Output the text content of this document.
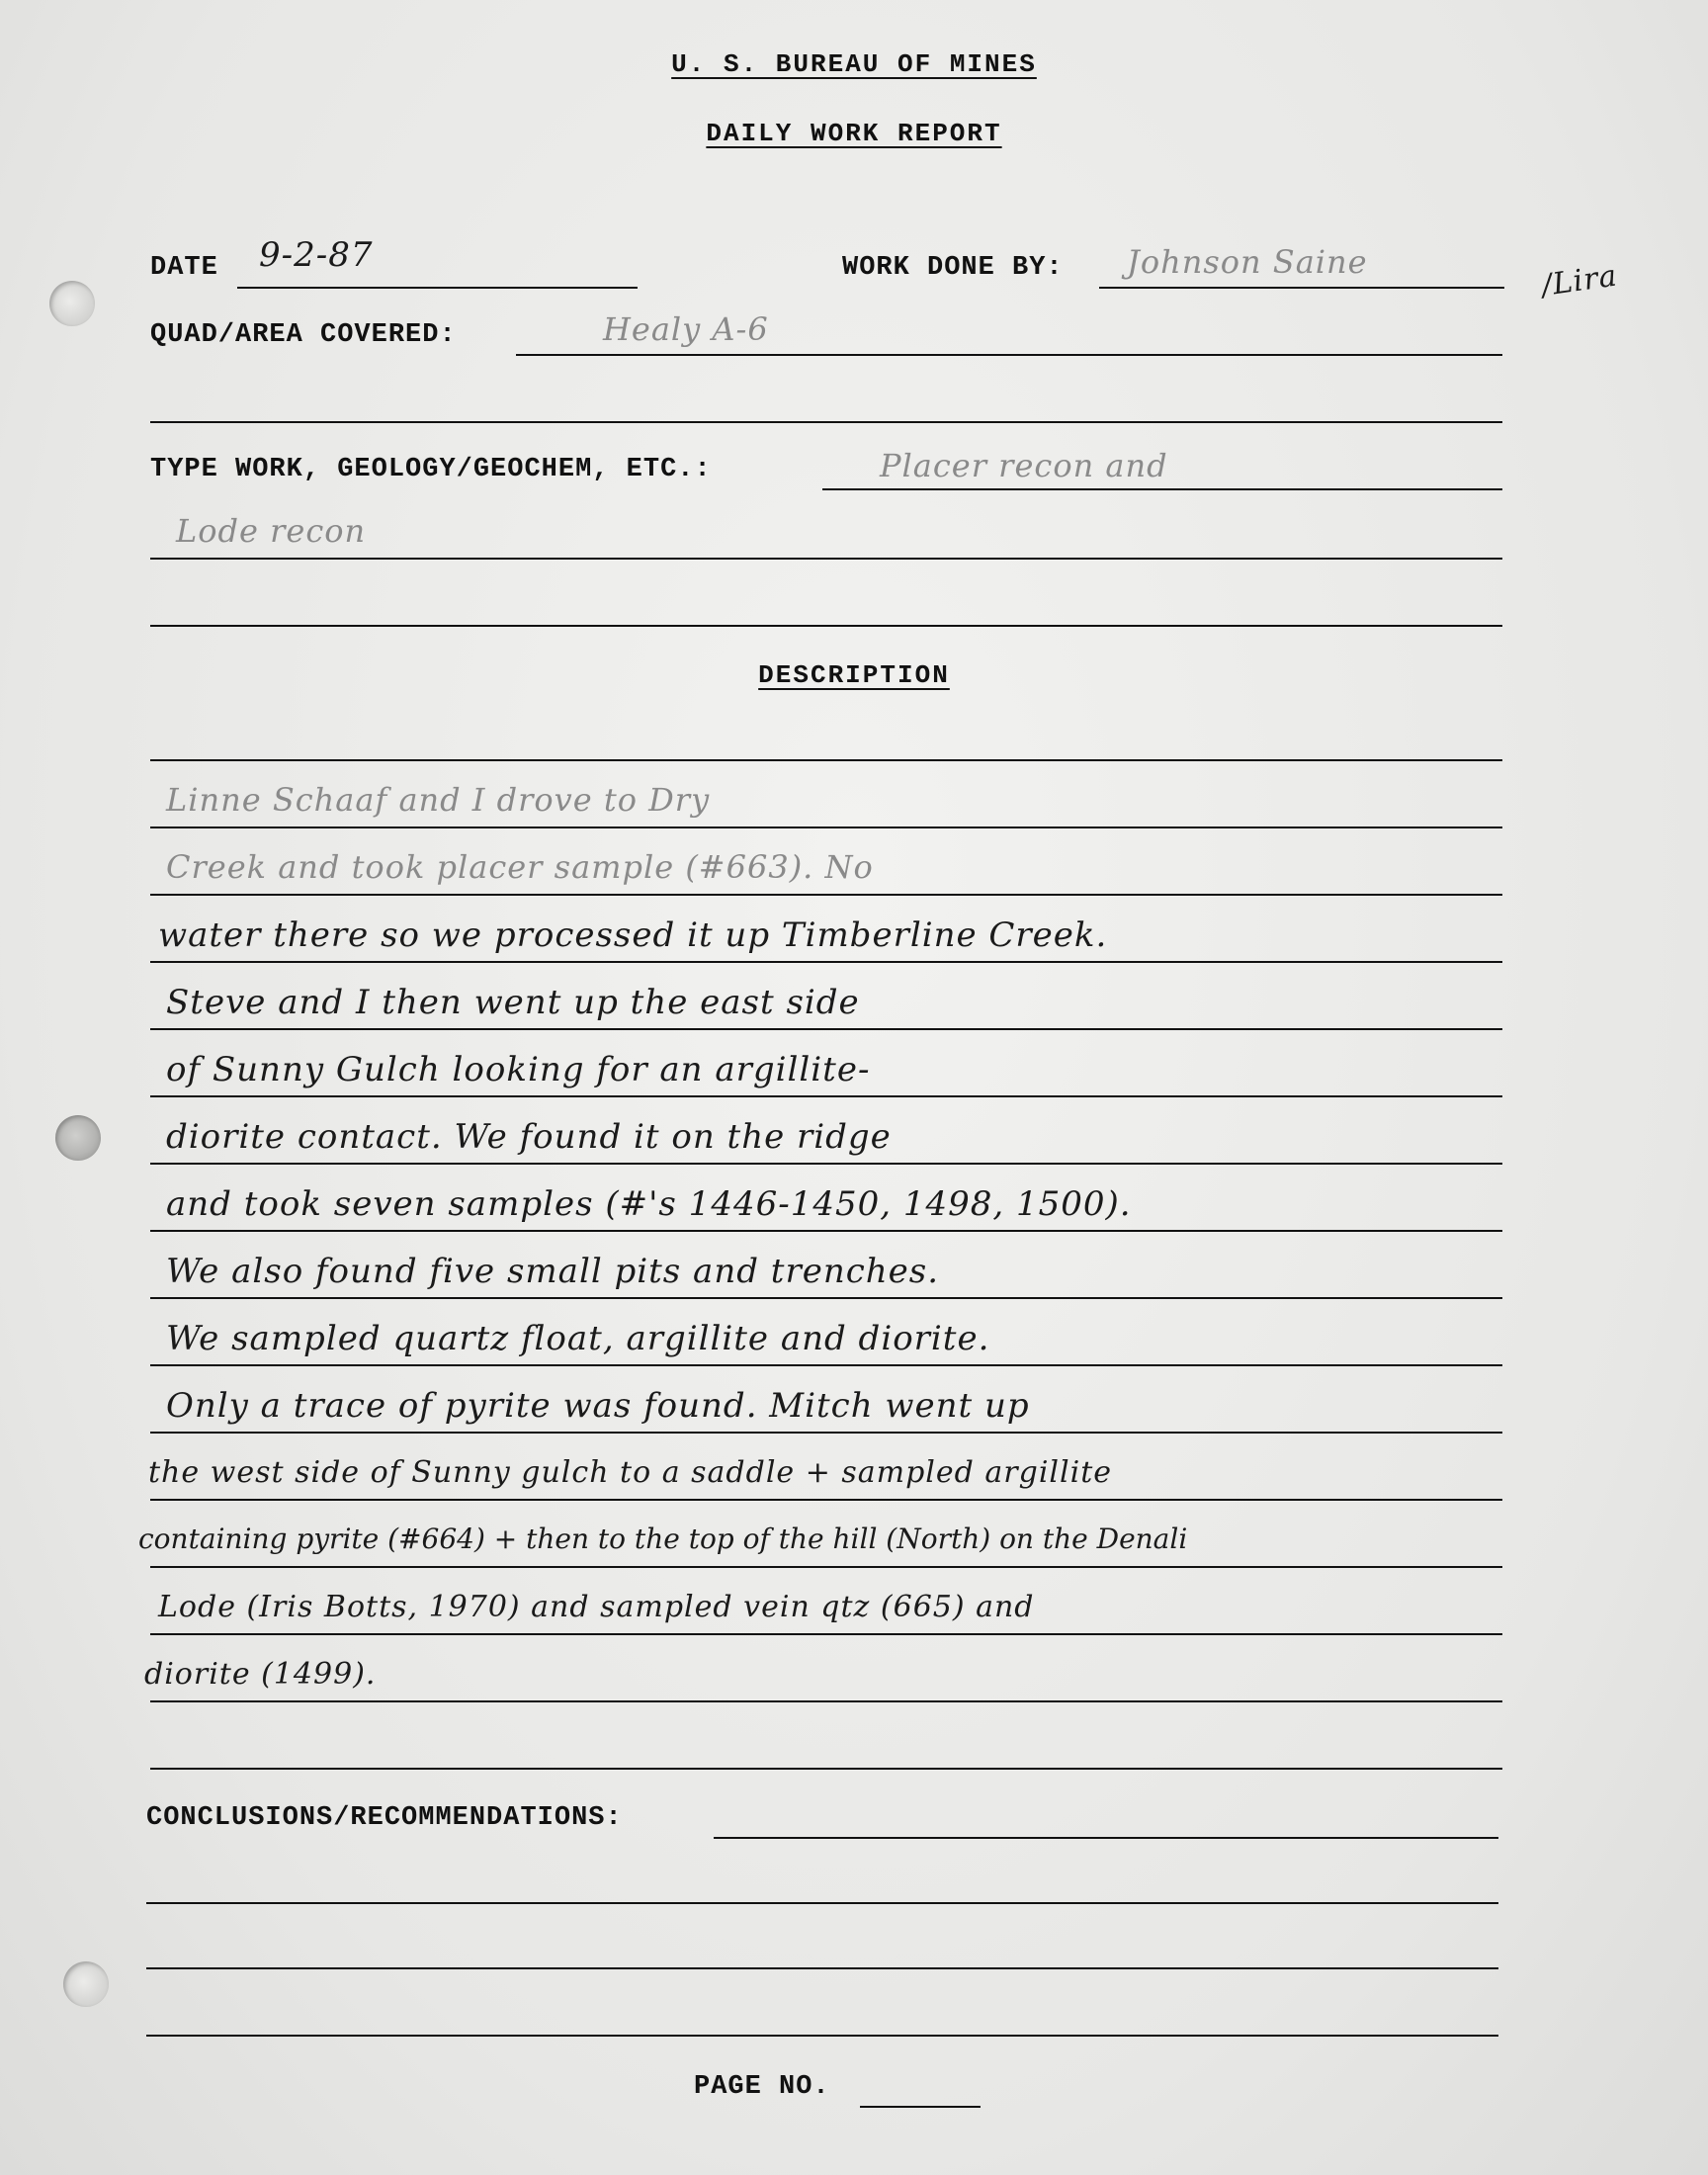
U. S. BUREAU OF MINES
DAILY WORK REPORT
DATE 9-2-87	WORK DONE BY: Johnson Saine	/Lira
QUAD/AREA COVERED:	Healy A-6
TYPE WORK, GEOLOGY/GEOCHEM, ETC.:	Placer recon and
Lode recon
DESCRIPTION
Linne Schaaf and I drove to Dry
Creek and took placer sample (#663). No
water there so we processed it up Timberline Creek.
Steve and I then went up the east side
of Sunny Gulch looking for an argillite-
diorite contact. We found it on the ridge
and took seven samples (#'s 1446-1450, 1498, 1500).
We also found five small pits and trenches.
We sampled quartz float, argillite and diorite.
Only a trace of pyrite was found. Mitch went up
the west side of Sunny gulch to a saddle + sampled argillite
containing pyrite (#664) + then to the top of the hill (North) on the Denali
Lode (Iris Botts, 1970) and sampled vein qtz (665) and
diorite (1499).
CONCLUSIONS/RECOMMENDATIONS:
PAGE NO.
